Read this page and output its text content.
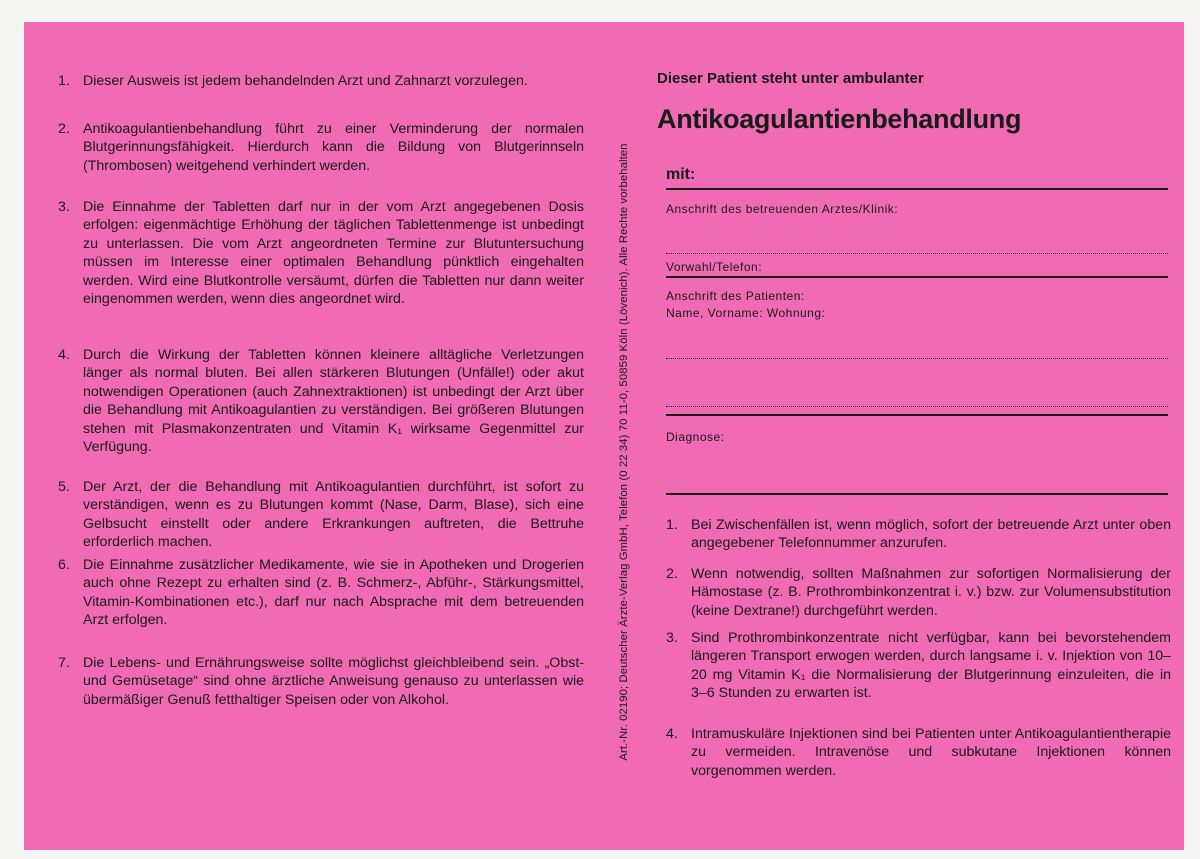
1. Dieser Ausweis ist jedem behandelnden Arzt und Zahnarzt vorzulegen.
2. Antikoagulantienbehandlung führt zu einer Verminderung der normalen Blutgerinnungsfähigkeit. Hierdurch kann die Bildung von Blutgerinnseln (Thrombosen) weitgehend verhindert werden.
3. Die Einnahme der Tabletten darf nur in der vom Arzt angegebenen Dosis erfolgen: eigenmächtige Erhöhung der täglichen Tablettenmenge ist unbedingt zu unterlassen. Die vom Arzt angeordneten Termine zur Blutuntersuchung müssen im Interesse einer optimalen Behandlung pünktlich eingehalten werden. Wird eine Blutkontrolle versäumt, dürfen die Tabletten nur dann weiter eingenommen werden, wenn dies angeordnet wird.
4. Durch die Wirkung der Tabletten können kleinere alltägliche Verletzungen länger als normal bluten. Bei allen stärkeren Blutungen (Unfälle!) oder akut notwendigen Operationen (auch Zahnextraktionen) ist unbedingt der Arzt über die Behandlung mit Antikoagulantien zu verständigen. Bei größeren Blutungen stehen mit Plasmakonzentraten und Vitamin K₁ wirksame Gegenmittel zur Verfügung.
5. Der Arzt, der die Behandlung mit Antikoagulantien durchführt, ist sofort zu verständigen, wenn es zu Blutungen kommt (Nase, Darm, Blase), sich eine Gelbsucht einstellt oder andere Erkrankungen auftreten, die Bettruhe erforderlich machen.
6. Die Einnahme zusätzlicher Medikamente, wie sie in Apotheken und Drogerien auch ohne Rezept zu erhalten sind (z. B. Schmerz-, Abführ-, Stärkungsmittel, Vitamin-Kombinationen etc.), darf nur nach Absprache mit dem betreuenden Arzt erfolgen.
7. Die Lebens- und Ernährungsweise sollte möglichst gleichbleibend sein. „Obst- und Gemüsetage“ sind ohne ärztliche Anweisung genauso zu unterlassen wie übermäßiger Genuß fetthaltiger Speisen oder von Alkohol.	Art.-Nr. 02190; Deutscher Ärzte-Verlag GmbH, Telefon (0 22 34) 70 11-0, 50859 Köln (Lövenich). Alle Rechte vorbehalten
Dieser Patient steht unter ambulanter
Antikoagulantienbehandlung
mit:
Anschrift des betreuenden Arztes/Klinik:
Vorwahl/Telefon:
Anschrift des Patienten:
Name, Vorname: Wohnung:
Diagnose:
1. Bei Zwischenfällen ist, wenn möglich, sofort der betreuende Arzt unter oben angegebener Telefonnummer anzurufen.
2. Wenn notwendig, sollten Maßnahmen zur sofortigen Normalisierung der Hämostase (z. B. Prothrombinkonzentrat i. v.) bzw. zur Volumensubstitution (keine Dextrane!) durchgeführt werden.
3. Sind Prothrombinkonzentrate nicht verfügbar, kann bei bevorstehendem längeren Transport erwogen werden, durch langsame i. v. Injektion von 10–20 mg Vitamin K₁ die Normalisierung der Blutgerinnung einzuleiten, die in 3–6 Stunden zu erwarten ist.
4. Intramuskuläre Injektionen sind bei Patienten unter Antikoagulantientherapie zu vermeiden. Intravenöse und subkutane Injektionen können vorgenommen werden.
